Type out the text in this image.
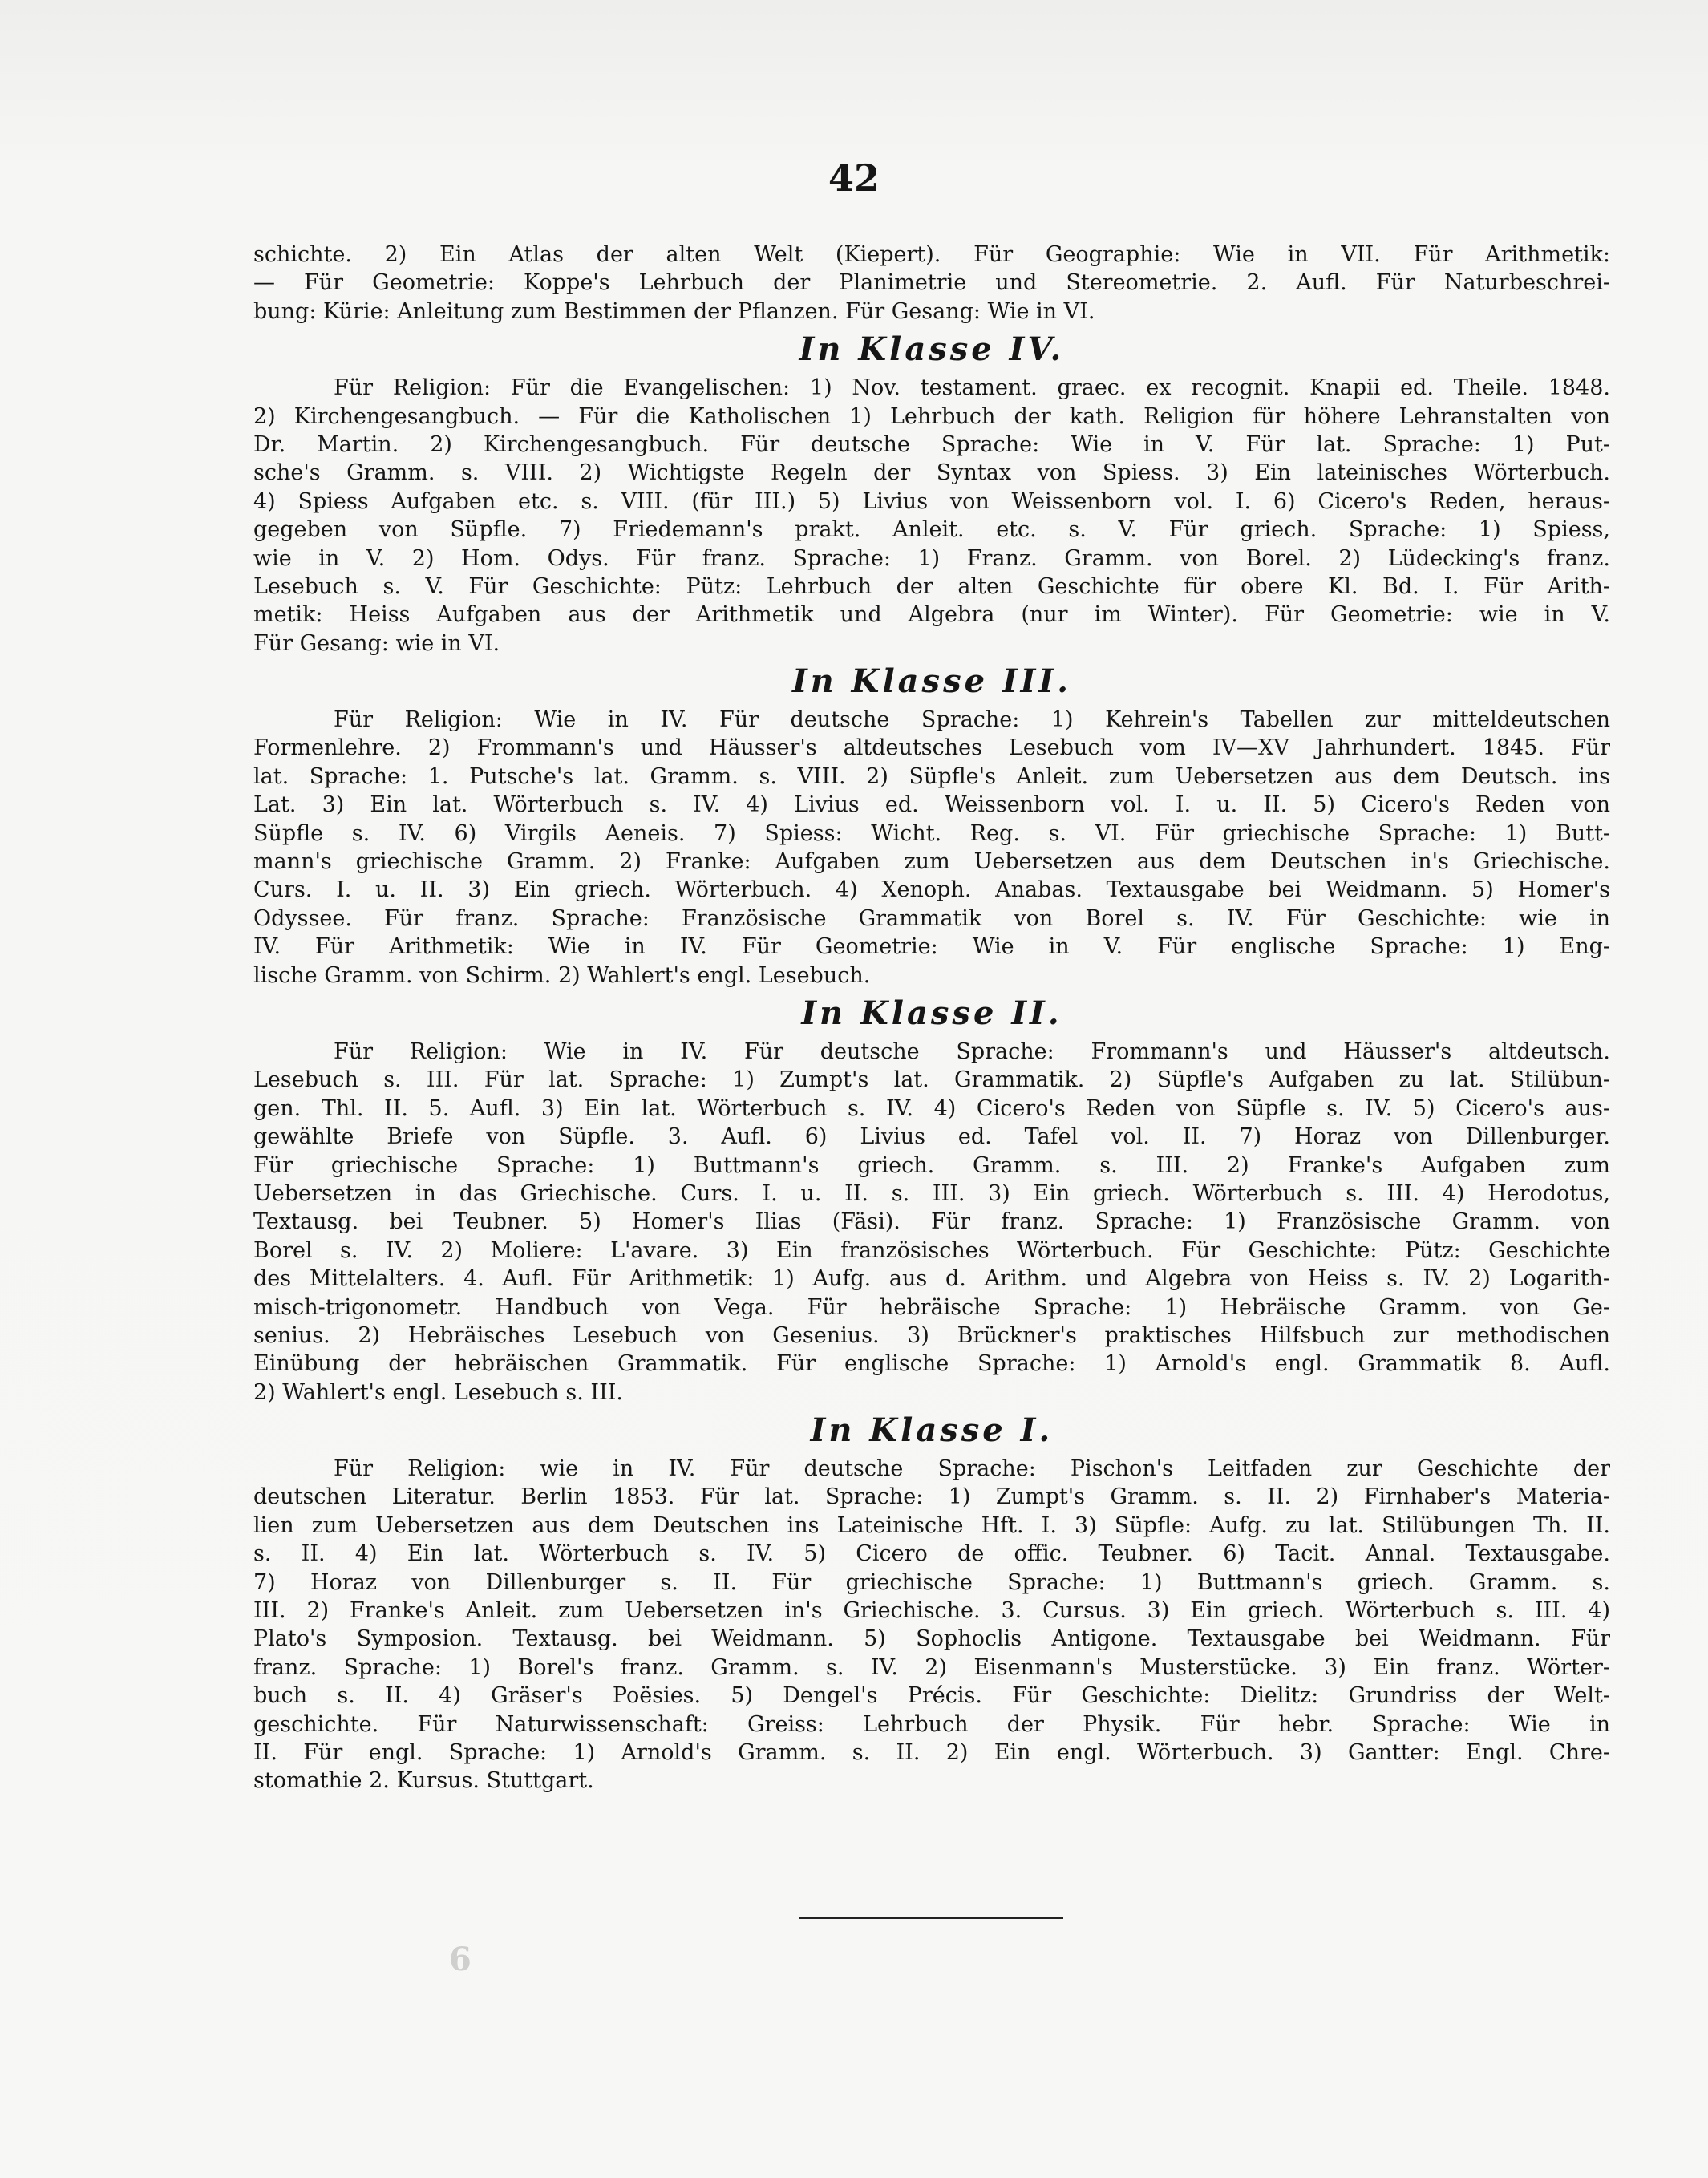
42
schichte. 2) Ein Atlas der alten Welt (Kiepert). Für Geographie: Wie in VII. Für Arithmetik:
— Für Geometrie: Koppe's Lehrbuch der Planimetrie und Stereometrie. 2. Aufl. Für Naturbeschrei-
bung: Kürie: Anleitung zum Bestimmen der Pflanzen. Für Gesang: Wie in VI.
In Klasse IV.
Für Religion: Für die Evangelischen: 1) Nov. testament. graec. ex recognit. Knapii ed. Theile. 1848.
2) Kirchengesangbuch. — Für die Katholischen 1) Lehrbuch der kath. Religion für höhere Lehranstalten von
Dr. Martin. 2) Kirchengesangbuch. Für deutsche Sprache: Wie in V. Für lat. Sprache: 1) Put-
sche's Gramm. s. VIII. 2) Wichtigste Regeln der Syntax von Spiess. 3) Ein lateinisches Wörterbuch.
4) Spiess Aufgaben etc. s. VIII. (für III.) 5) Livius von Weissenborn vol. I. 6) Cicero's Reden, heraus-
gegeben von Süpfle. 7) Friedemann's prakt. Anleit. etc. s. V. Für griech. Sprache: 1) Spiess,
wie in V. 2) Hom. Odys. Für franz. Sprache: 1) Franz. Gramm. von Borel. 2) Lüdecking's franz.
Lesebuch s. V. Für Geschichte: Pütz: Lehrbuch der alten Geschichte für obere Kl. Bd. I. Für Arith-
metik: Heiss Aufgaben aus der Arithmetik und Algebra (nur im Winter). Für Geometrie: wie in V.
Für Gesang: wie in VI.
In Klasse III.
Für Religion: Wie in IV. Für deutsche Sprache: 1) Kehrein's Tabellen zur mitteldeutschen
Formenlehre. 2) Frommann's und Häusser's altdeutsches Lesebuch vom IV—XV Jahrhundert. 1845. Für
lat. Sprache: 1. Putsche's lat. Gramm. s. VIII. 2) Süpfle's Anleit. zum Uebersetzen aus dem Deutsch. ins
Lat. 3) Ein lat. Wörterbuch s. IV. 4) Livius ed. Weissenborn vol. I. u. II. 5) Cicero's Reden von
Süpfle s. IV. 6) Virgils Aeneis. 7) Spiess: Wicht. Reg. s. VI. Für griechische Sprache: 1) Butt-
mann's griechische Gramm. 2) Franke: Aufgaben zum Uebersetzen aus dem Deutschen in's Griechische.
Curs. I. u. II. 3) Ein griech. Wörterbuch. 4) Xenoph. Anabas. Textausgabe bei Weidmann. 5) Homer's
Odyssee. Für franz. Sprache: Französische Grammatik von Borel s. IV. Für Geschichte: wie in
IV. Für Arithmetik: Wie in IV. Für Geometrie: Wie in V. Für englische Sprache: 1) Eng-
lische Gramm. von Schirm. 2) Wahlert's engl. Lesebuch.
In Klasse II.
Für Religion: Wie in IV. Für deutsche Sprache: Frommann's und Häusser's altdeutsch.
Lesebuch s. III. Für lat. Sprache: 1) Zumpt's lat. Grammatik. 2) Süpfle's Aufgaben zu lat. Stilübun-
gen. Thl. II. 5. Aufl. 3) Ein lat. Wörterbuch s. IV. 4) Cicero's Reden von Süpfle s. IV. 5) Cicero's aus-
gewählte Briefe von Süpfle. 3. Aufl. 6) Livius ed. Tafel vol. II. 7) Horaz von Dillenburger.
Für griechische Sprache: 1) Buttmann's griech. Gramm. s. III. 2) Franke's Aufgaben zum
Uebersetzen in das Griechische. Curs. I. u. II. s. III. 3) Ein griech. Wörterbuch s. III. 4) Herodotus,
Textausg. bei Teubner. 5) Homer's Ilias (Fäsi). Für franz. Sprache: 1) Französische Gramm. von
Borel s. IV. 2) Moliere: L'avare. 3) Ein französisches Wörterbuch. Für Geschichte: Pütz: Geschichte
des Mittelalters. 4. Aufl. Für Arithmetik: 1) Aufg. aus d. Arithm. und Algebra von Heiss s. IV. 2) Logarith-
misch-trigonometr. Handbuch von Vega. Für hebräische Sprache: 1) Hebräische Gramm. von Ge-
senius. 2) Hebräisches Lesebuch von Gesenius. 3) Brückner's praktisches Hilfsbuch zur methodischen
Einübung der hebräischen Grammatik. Für englische Sprache: 1) Arnold's engl. Grammatik 8. Aufl.
2) Wahlert's engl. Lesebuch s. III.
In Klasse I.
Für Religion: wie in IV. Für deutsche Sprache: Pischon's Leitfaden zur Geschichte der
deutschen Literatur. Berlin 1853. Für lat. Sprache: 1) Zumpt's Gramm. s. II. 2) Firnhaber's Materia-
lien zum Uebersetzen aus dem Deutschen ins Lateinische Hft. I. 3) Süpfle: Aufg. zu lat. Stilübungen Th. II.
s. II. 4) Ein lat. Wörterbuch s. IV. 5) Cicero de offic. Teubner. 6) Tacit. Annal. Textausgabe.
7) Horaz von Dillenburger s. II. Für griechische Sprache: 1) Buttmann's griech. Gramm. s.
III. 2) Franke's Anleit. zum Uebersetzen in's Griechische. 3. Cursus. 3) Ein griech. Wörterbuch s. III. 4)
Plato's Symposion. Textausg. bei Weidmann. 5) Sophoclis Antigone. Textausgabe bei Weidmann. Für
franz. Sprache: 1) Borel's franz. Gramm. s. IV. 2) Eisenmann's Musterstücke. 3) Ein franz. Wörter-
buch s. II. 4) Gräser's Poësies. 5) Dengel's Précis. Für Geschichte: Dielitz: Grundriss der Welt-
geschichte. Für Naturwissenschaft: Greiss: Lehrbuch der Physik. Für hebr. Sprache: Wie in
II. Für engl. Sprache: 1) Arnold's Gramm. s. II. 2) Ein engl. Wörterbuch. 3) Gantter: Engl. Chre-
stomathie 2. Kursus. Stuttgart.
6
